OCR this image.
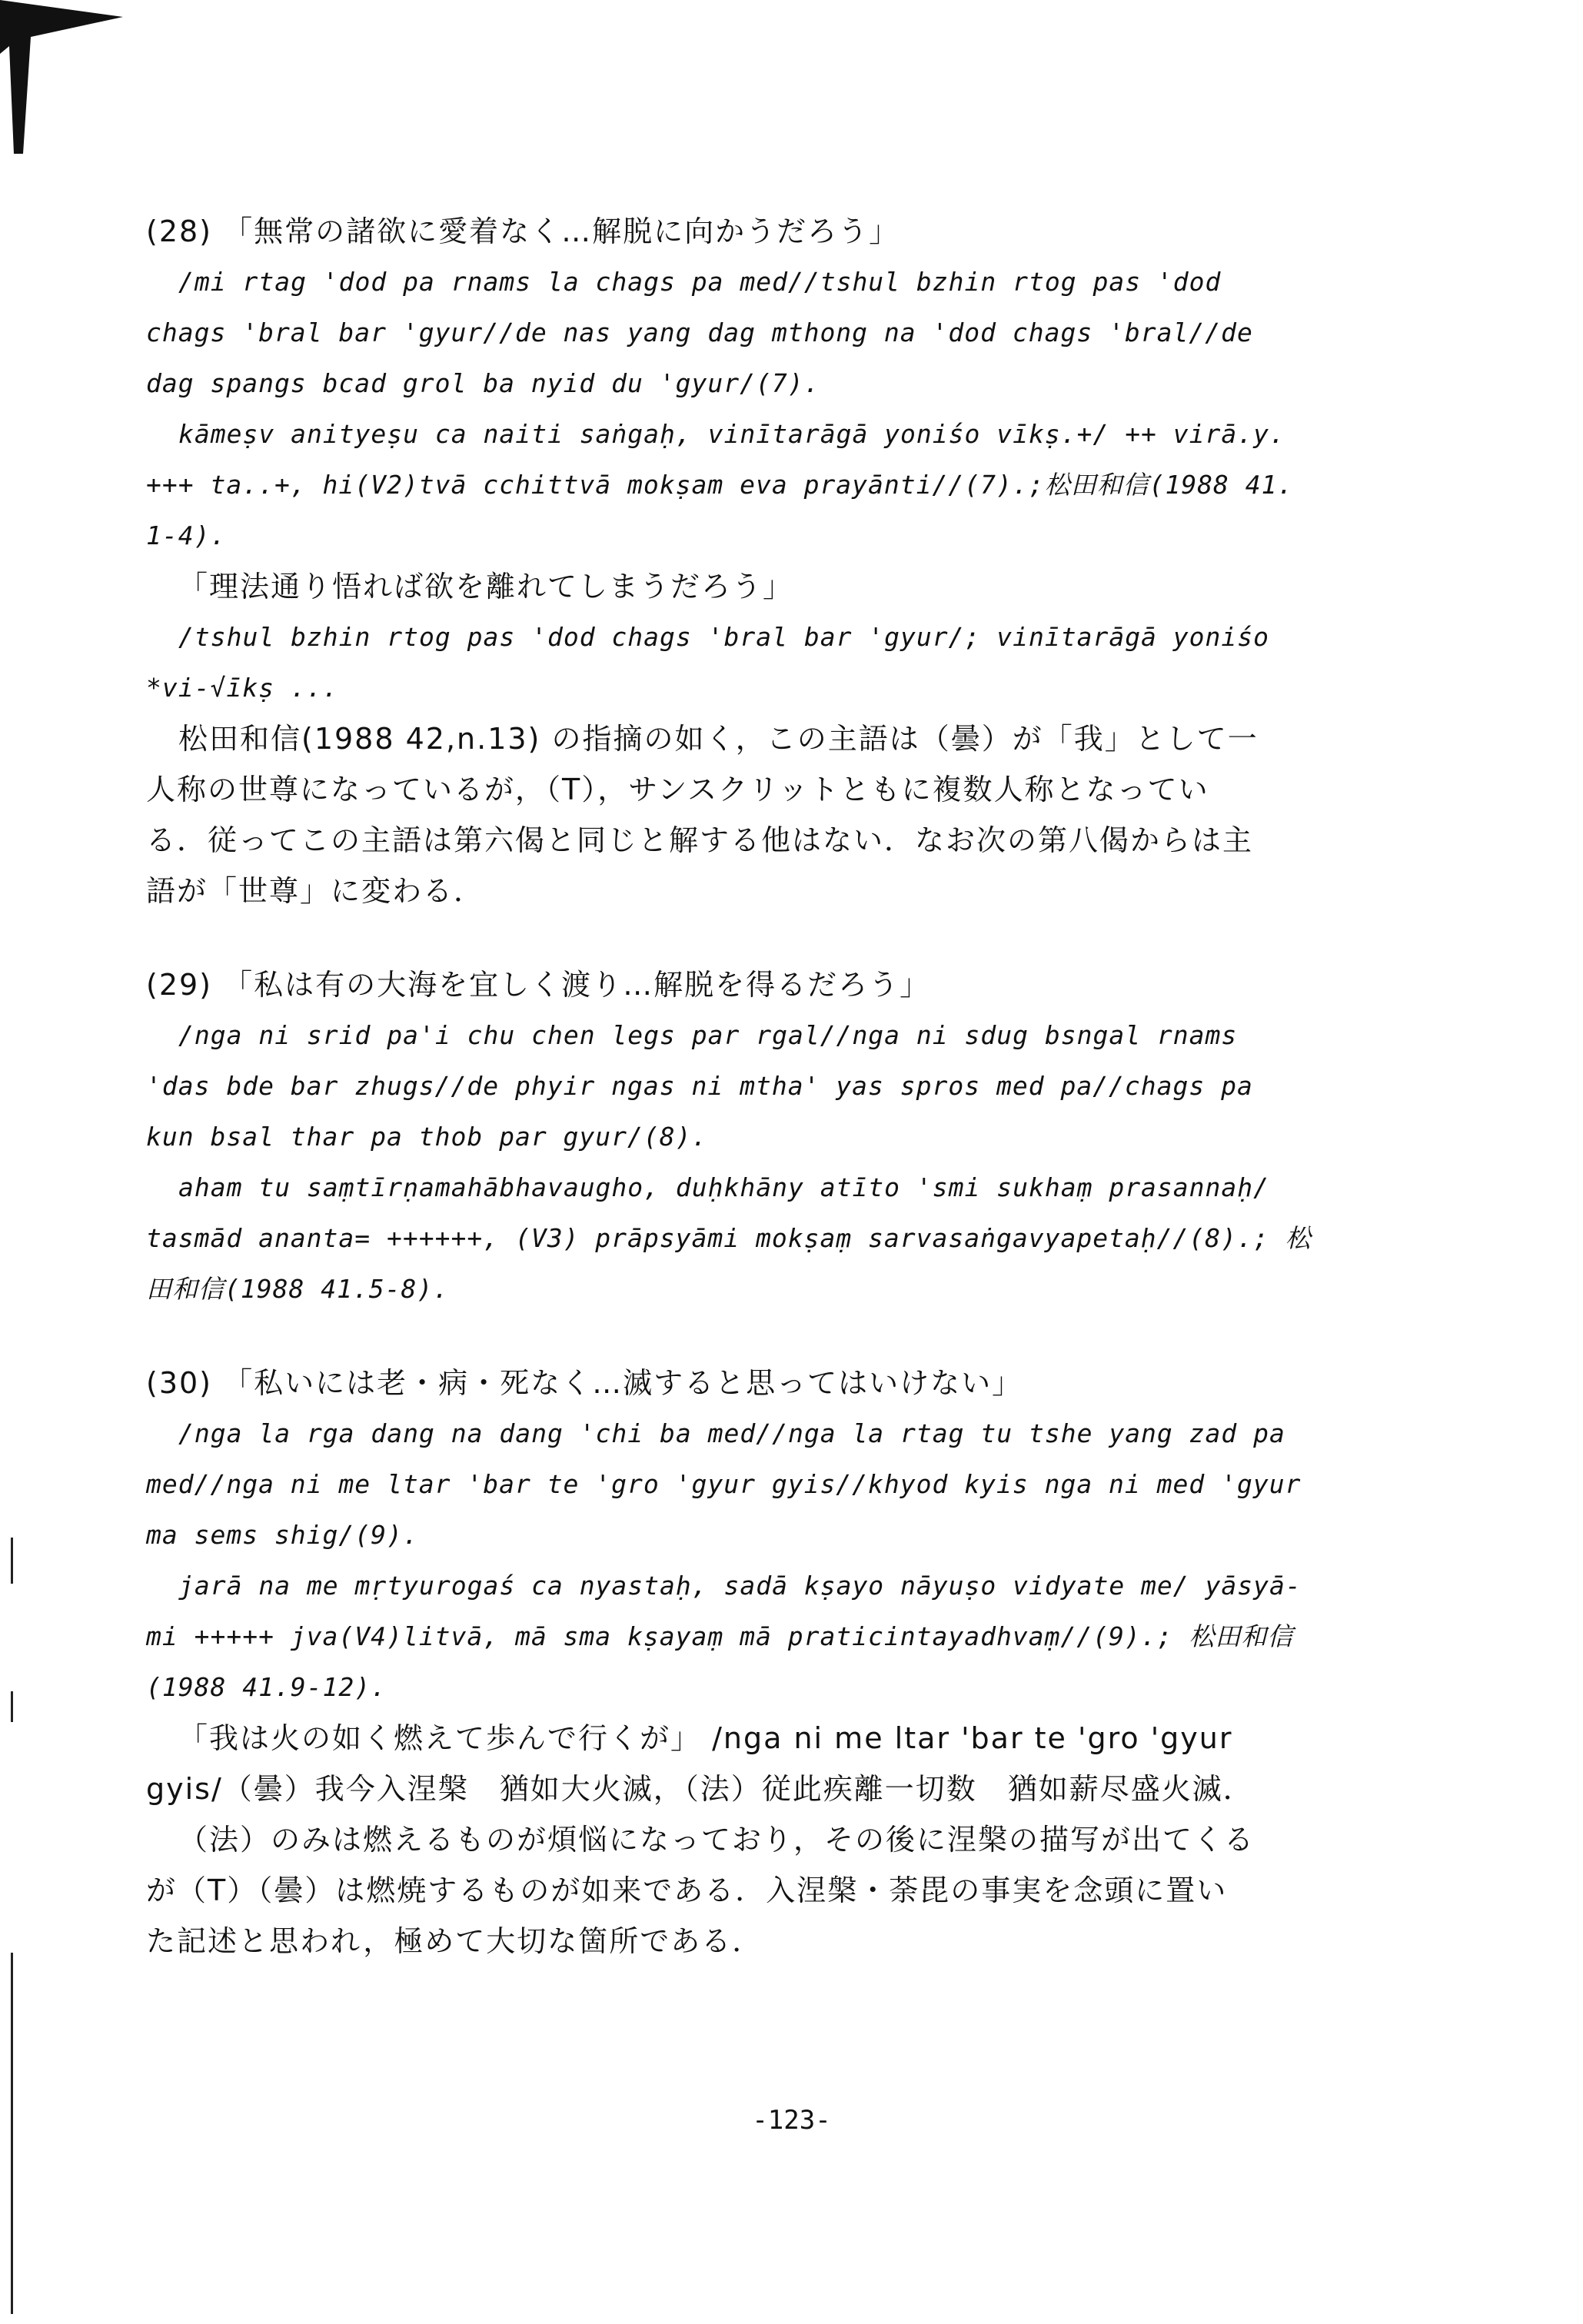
(28) 「無常の諸欲に愛着なく…解脱に向かうだろう」
/mi rtag 'dod pa rnams la chags pa med//tshul bzhin rtog pas 'dod
chags 'bral bar 'gyur//de nas yang dag mthong na 'dod chags 'bral//de
dag spangs bcad grol ba nyid du 'gyur/(7).
kāmeṣv anityeṣu ca naiti saṅgaḥ, vinītarāgā yoniśo vīkṣ.+/ ++ virā.y.
+++ ta..+, hi(V2)tvā cchittvā mokṣam eva prayānti//(7).;松田和信(1988 41.
1-4).
「理法通り悟れば欲を離れてしまうだろう」
/tshul bzhin rtog pas 'dod chags 'bral bar 'gyur/; vinītarāgā yoniśo
*vi-√īkṣ ...
松田和信(1988 42,n.13) の指摘の如く，この主語は（曇）が「我」として一
人称の世尊になっているが，（T），サンスクリットともに複数人称となってい
る．従ってこの主語は第六偈と同じと解する他はない．なお次の第八偈からは主
語が「世尊」に変わる．
(29) 「私は有の大海を宜しく渡り…解脱を得るだろう」
/nga ni srid pa'i chu chen legs par rgal//nga ni sdug bsngal rnams
'das bde bar zhugs//de phyir ngas ni mtha' yas spros med pa//chags pa
kun bsal thar pa thob par gyur/(8).
aham tu saṃtīrṇamahābhavaugho, duḥkhāny atīto 'smi sukhaṃ prasannaḥ/
tasmād ananta= ++++++, (V3) prāpsyāmi mokṣaṃ sarvasaṅgavyapetaḥ//(8).; 松
田和信(1988 41.5-8).
(30) 「私いには老・病・死なく…滅すると思ってはいけない」
/nga la rga dang na dang 'chi ba med//nga la rtag tu tshe yang zad pa
med//nga ni me ltar 'bar te 'gro 'gyur gyis//khyod kyis nga ni med 'gyur
ma sems shig/(9).
jarā na me mṛtyurogaś ca nyastaḥ, sadā kṣayo nāyuṣo vidyate me/ yāsyā-
mi +++++ jva(V4)litvā, mā sma kṣayaṃ mā praticintayadhvaṃ//(9).; 松田和信
(1988 41.9-12).
「我は火の如く燃えて歩んで行くが」 /nga ni me ltar 'bar te 'gro 'gyur
gyis/（曇）我今入涅槃　猶如大火滅，（法）従此疾離一切数　猶如薪尽盛火滅．
（法）のみは燃えるものが煩悩になっており，その後に涅槃の描写が出てくる
が（T）（曇）は燃焼するものが如来である．入涅槃・荼毘の事実を念頭に置い
た記述と思われ，極めて大切な箇所である．
-123-
